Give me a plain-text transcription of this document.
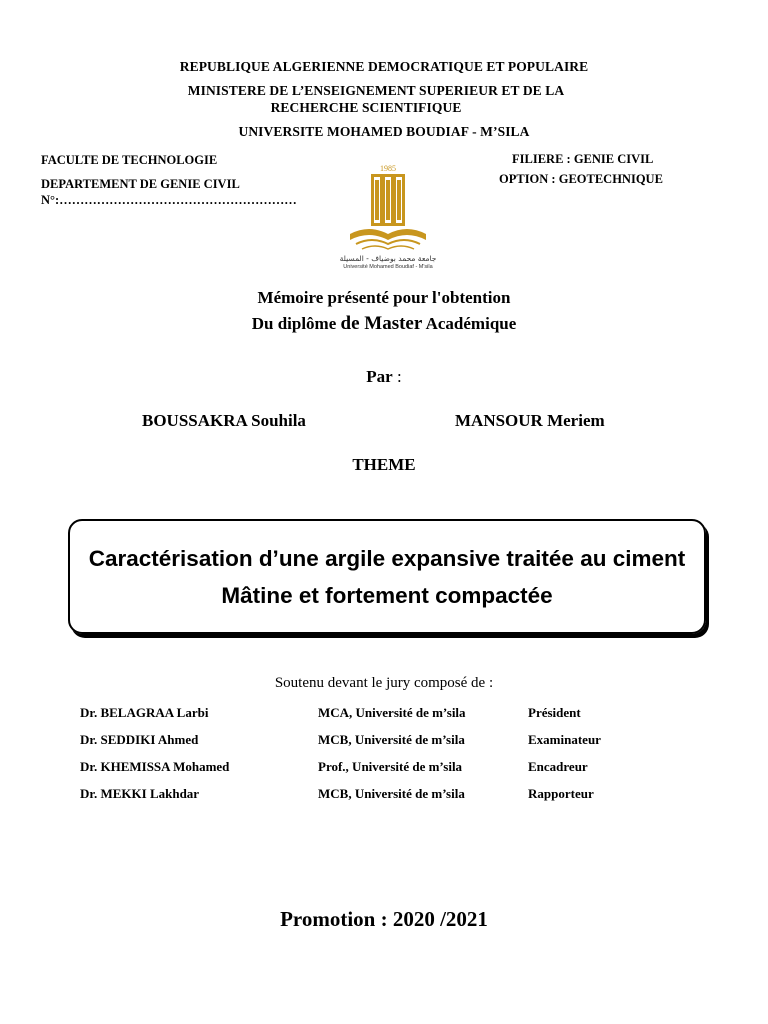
REPUBLIQUE ALGERIENNE DEMOCRATIQUE ET POPULAIRE
MINISTERE DE L’ENSEIGNEMENT SUPERIEUR ET DE LA
RECHERCHE SCIENTIFIQUE
UNIVERSITE MOHAMED BOUDIAF - M’SILA
FACULTE DE TECHNOLOGIE
DEPARTEMENT DE GENIE CIVIL
N°:…………………………………………………
FILIERE : GENIE CIVIL
OPTION : GEOTECHNIQUE
1985
جامعة محمد بوضياف - المسيلة
Université Mohamed Boudiaf - M'sila
Mémoire présenté pour l'obtention
Du diplôme de Master Académique
Par :
BOUSSAKRA Souhila	MANSOUR Meriem
THEME
Caractérisation d’une argile expansive traitée au ciment Mâtine et fortement compactée
Soutenu devant le jury composé de :
Dr. BELAGRAA Larbi	MCA, Université de m’sila	Président
Dr. SEDDIKI Ahmed	MCB, Université de m’sila	Examinateur
Dr. KHEMISSA Mohamed	Prof., Université de m’sila	Encadreur
Dr. MEKKI Lakhdar	MCB, Université de m’sila	Rapporteur
Promotion : 2020 /2021
